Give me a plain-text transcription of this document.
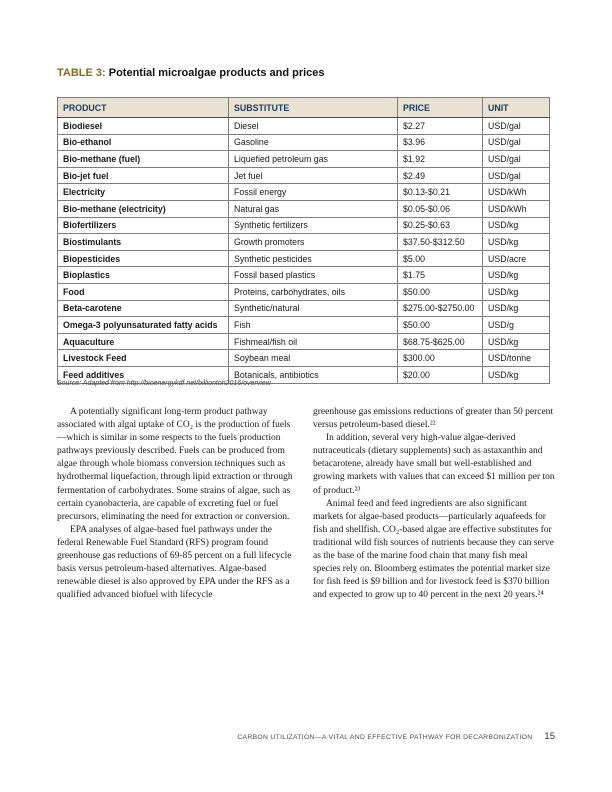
TABLE 3: Potential microalgae products and prices
PRODUCT	SUBSTITUTE	PRICE	UNIT
Biodiesel	Diesel	$2.27	USD/gal
Bio-ethanol	Gasoline	$3.96	USD/gal
Bio-methane (fuel)	Liquefied petroleum gas	$1.92	USD/gal
Bio-jet fuel	Jet fuel	$2.49	USD/gal
Electricity	Fossil energy	$0.13-$0.21	USD/kWh
Bio-methane (electricity)	Natural gas	$0.05-$0.06	USD/kWh
Biofertilizers	Synthetic fertilizers	$0.25-$0.63	USD/kg
Biostimulants	Growth promoters	$37.50-$312.50	USD/kg
Biopesticides	Synthetic pesticides	$5.00	USD/acre
Bioplastics	Fossil based plastics	$1.75	USD/kg
Food	Proteins, carbohydrates, oils	$50.00	USD/kg
Beta-carotene	Synthetic/natural	$275.00-$2750.00	USD/kg
Omega-3 polyunsaturated fatty acids	Fish	$50.00	USD/g
Aquaculture	Fishmeal/fish oil	$68.75-$625.00	USD/kg
Livestock Feed	Soybean meal	$300.00	USD/tonne
Feed additives	Botanicals, antibiotics	$20.00	USD/kg
Source: Adapted from http://bioenergykdf.net/billionton2016/overview

A potentially significant long-term product pathway associated with algal uptake of CO₂ is the production of fuels—which is similar in some respects to the fuels production pathways previously described. Fuels can be produced from algae through whole biomass conversion techniques such as hydrothermal liquefaction, through lipid extraction or through fermentation of carbohydrates. Some strains of algae, such as certain cyanobacteria, are capable of excreting fuel or fuel precursors, eliminating the need for extraction or conversion.

EPA analyses of algae-based fuel pathways under the federal Renewable Fuel Standard (RFS) program found greenhouse gas reductions of 69-85 percent on a full lifecycle basis versus petroleum-based alternatives. Algae-based renewable diesel is also approved by EPA under the RFS as a qualified advanced biofuel with lifecycle

greenhouse gas emissions reductions of greater than 50 percent versus petroleum-based diesel.²²

In addition, several very high-value algae-derived nutraceuticals (dietary supplements) such as astaxanthin and betacarotene, already have small but well-established and growing markets with values that can exceed $1 million per ton of product.²³

Animal feed and feed ingredients are also significant markets for algae-based products—particularly aquafeeds for fish and shellfish. CO₂-based algae are effective substitutes for traditional wild fish sources of nutrients because they can serve as the base of the marine food chain that many fish meal species rely on. Bloomberg estimates the potential market size for fish feed is $9 billion and for livestock feed is $370 billion and expected to grow up to 40 percent in the next 20 years.²⁴

CARBON UTILIZATION—A VITAL AND EFFECTIVE PATHWAY FOR DECARBONIZATION 15
